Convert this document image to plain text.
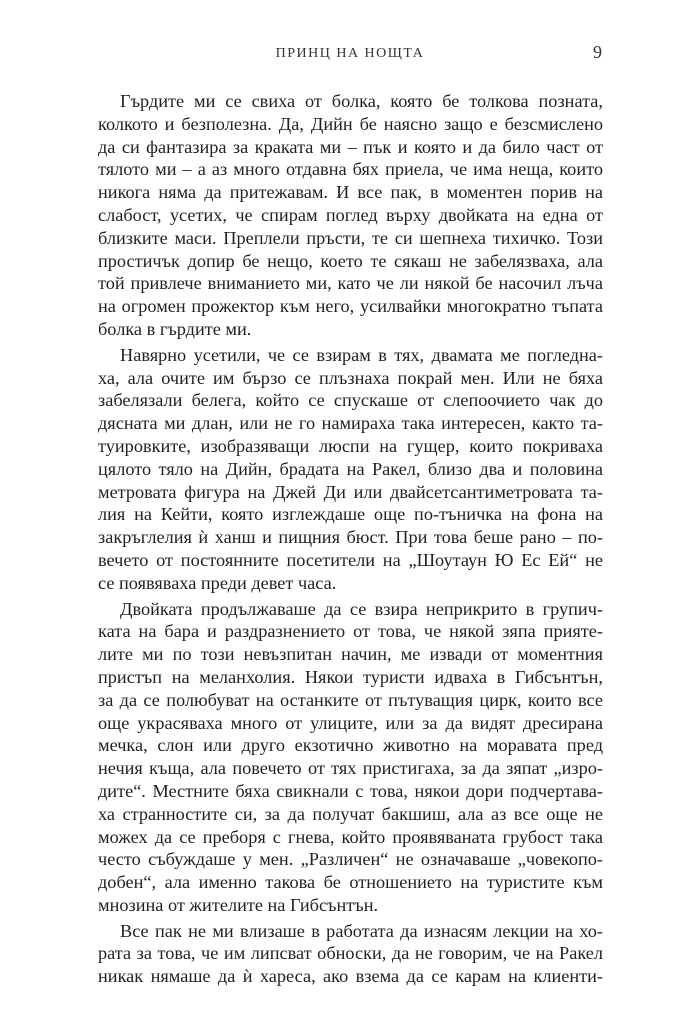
ПРИНЦ НА НОЩТА	9
Гърдите ми се свиха от болка, която бе толкова позната,
колкото и безполезна. Да, Дийн бе наясно защо е безсмислено
да си фантазира за краката ми – пък и която и да било част от
тялото ми – а аз много отдавна бях приела, че има неща, които
никога няма да притежавам. И все пак, в моментен порив на
слабост, усетих, че спирам поглед върху двойката на една от
близките маси. Преплели пръсти, те си шепнеха тихичко. Този
простичък допир бе нещо, което те сякаш не забелязваха, ала
той привлече вниманието ми, като че ли някой бе насочил лъча
на огромен прожектор към него, усилвайки многократно тъпата
болка в гърдите ми.
Навярно усетили, че се взирам в тях, двамата ме погледна-
ха, ала очите им бързо се плъзнаха покрай мен. Или не бяха
забелязали белега, който се спускаше от слепоочието чак до
дясната ми длан, или не го намираха така интересен, както та-
туировките, изобразяващи люспи на гущер, които покриваха
цялото тяло на Дийн, брадата на Ракел, близо два и половина
метровата фигура на Джей Ди или двайсетсантиметровата та-
лия на Кейти, която изглеждаше още по-тъничка на фона на
закръглелия ѝ ханш и пищния бюст. При това беше рано – по-
вечето от постоянните посетители на „Шоутаун Ю Ес Ей“ не
се появяваха преди девет часа.
Двойката продължаваше да се взира неприкрито в групич-
ката на бара и раздразнението от това, че някой зяпа прияте-
лите ми по този невъзпитан начин, ме извади от моментния
пристъп на меланхолия. Някои туристи идваха в Гибсънтън,
за да се полюбуват на останките от пътуващия цирк, които все
още украсяваха много от улиците, или за да видят дресирана
мечка, слон или друго екзотично животно на моравата пред
нечия къща, ала повечето от тях пристигаха, за да зяпат „изро-
дите“. Местните бяха свикнали с това, някои дори подчертава-
ха странностите си, за да получат бакшиш, ала аз все още не
можех да се преборя с гнева, който проявяваната грубост така
често събуждаше у мен. „Различен“ не означаваше „човекопо-
добен“, ала именно такова бе отношението на туристите към
мнозина от жителите на Гибсънтън.
Все пак не ми влизаше в работата да изнасям лекции на хо-
рата за това, че им липсват обноски, да не говорим, че на Ракел
никак нямаше да ѝ хареса, ако взема да се карам на клиенти-
